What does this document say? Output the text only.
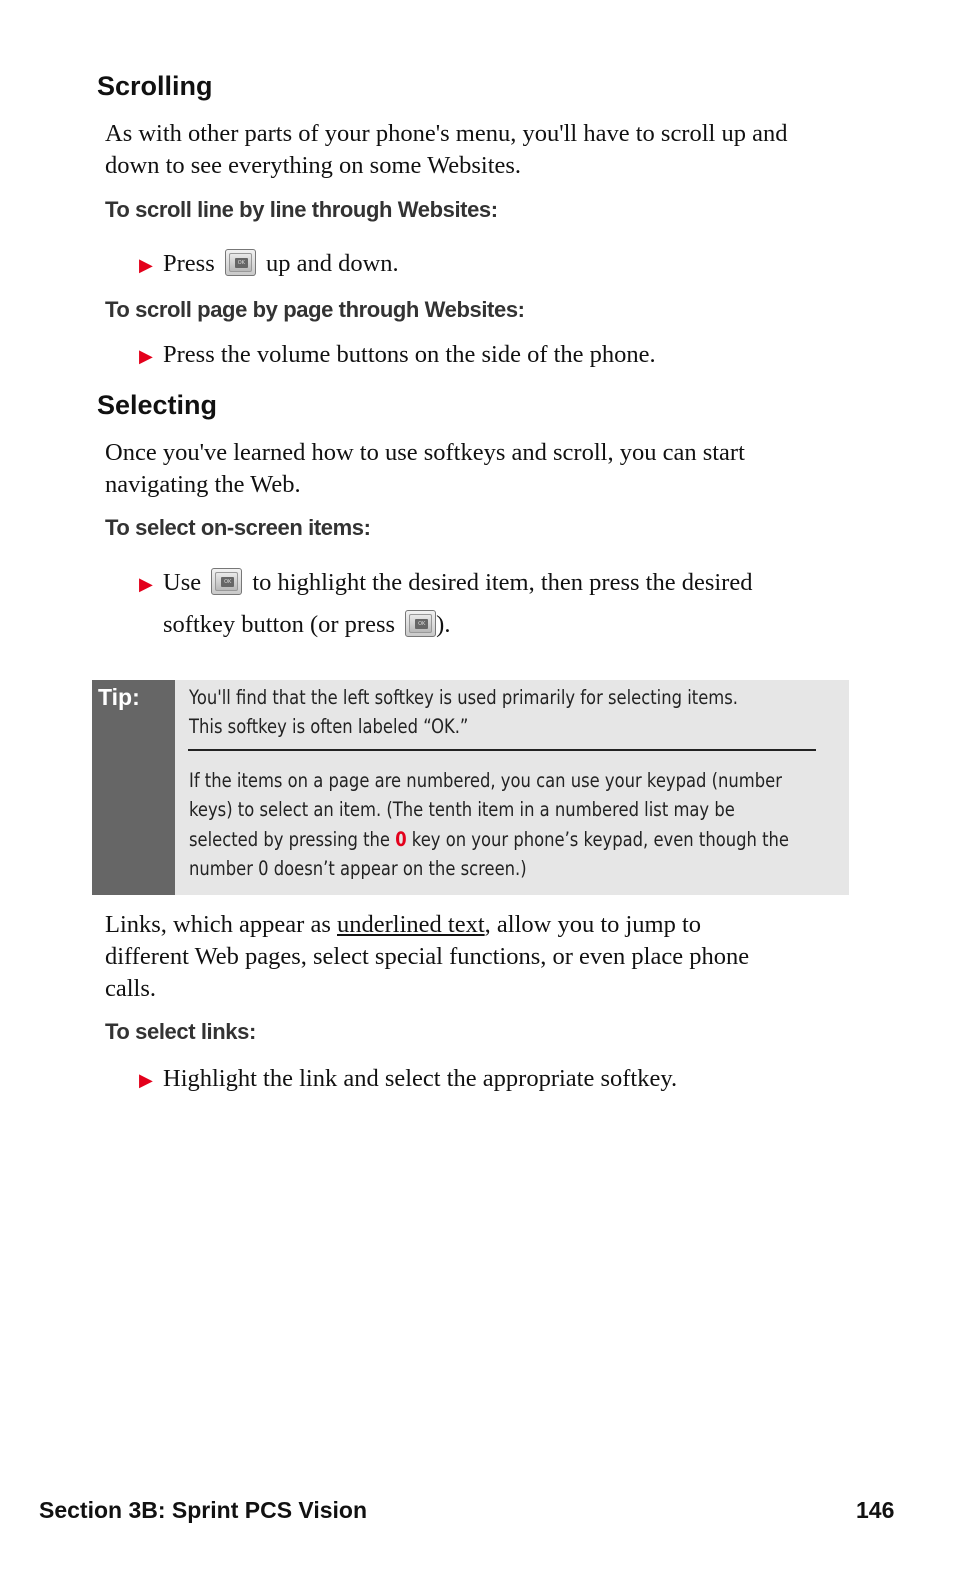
Scrolling
As with other parts of your phone's menu, you'll have to scroll up and down to see everything on some Websites.
To scroll line by line through Websites:
▶ Press OK up and down.
To scroll page by page through Websites:
▶ Press the volume buttons on the side of the phone.
Selecting
Once you've learned how to use softkeys and scroll, you can start navigating the Web.
To select on-screen items:
▶ Use OK to highlight the desired item, then press the desired
softkey button (or press OK ).
Tip:	You'll find that the left softkey is used primarily for selecting items.
This softkey is often labeled “OK.”
If the items on a page are numbered, you can use your keypad (number
keys) to select an item. (The tenth item in a numbered list may be
selected by pressing the 0 key on your phone’s keypad, even though the
number 0 doesn’t appear on the screen.)
Links, which appear as underlined text, allow you to jump to
different Web pages, select special functions, or even place phone
calls.
To select links:
▶ Highlight the link and select the appropriate softkey.
Section 3B: Sprint PCS Vision	146
